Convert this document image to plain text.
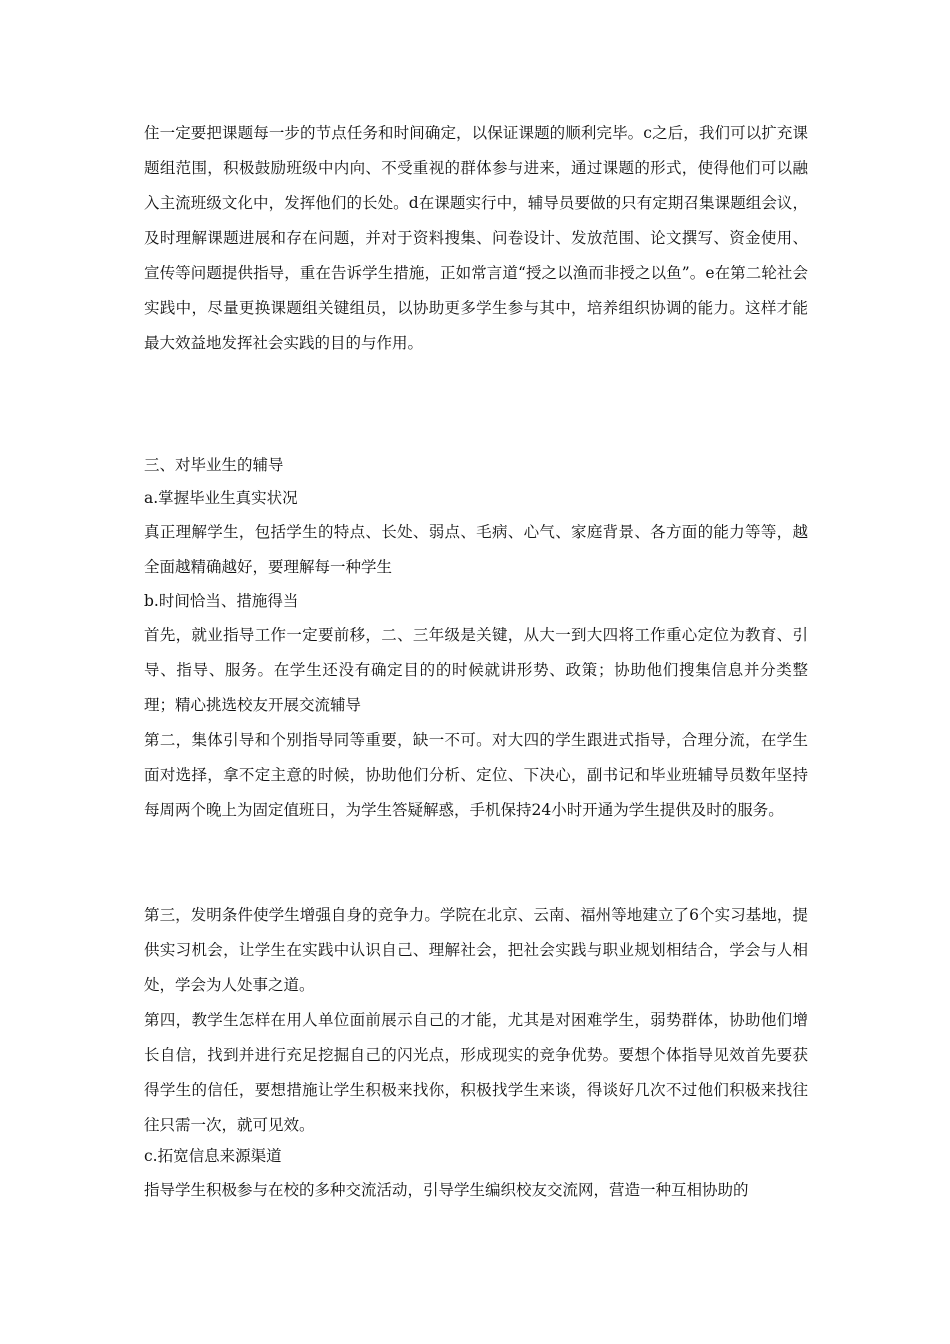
住一定要把课题每一步的节点任务和时间确定，以保证课题的顺利完毕。c之后，我们可以扩充课题组范围，积极鼓励班级中内向、不受重视的群体参与进来，通过课题的形式，使得他们可以融入主流班级文化中，发挥他们的长处。d在课题实行中，辅导员要做的只有定期召集课题组会议，及时理解课题进展和存在问题，并对于资料搜集、问卷设计、发放范围、论文撰写、资金使用、宣传等问题提供指导，重在告诉学生措施，正如常言道“授之以渔而非授之以鱼”。e在第二轮社会实践中，尽量更换课题组关键组员，以协助更多学生参与其中，培养组织协调的能力。这样才能最大效益地发挥社会实践的目的与作用。
三、对毕业生的辅导
a.掌握毕业生真实状况
真正理解学生，包括学生的特点、长处、弱点、毛病、心气、家庭背景、各方面的能力等等，越全面越精确越好，要理解每一种学生
b.时间恰当、措施得当
首先，就业指导工作一定要前移，二、三年级是关键，从大一到大四将工作重心定位为教育、引导、指导、服务。在学生还没有确定目的的时候就讲形势、政策；协助他们搜集信息并分类整理；精心挑选校友开展交流辅导
第二，集体引导和个别指导同等重要，缺一不可。对大四的学生跟进式指导，合理分流，在学生面对选择，拿不定主意的时候，协助他们分析、定位、下决心，副书记和毕业班辅导员数年坚持每周两个晚上为固定值班日，为学生答疑解惑，手机保持24小时开通为学生提供及时的服务。
第三，发明条件使学生增强自身的竞争力。学院在北京、云南、福州等地建立了6个实习基地，提供实习机会，让学生在实践中认识自己、理解社会，把社会实践与职业规划相结合，学会与人相处，学会为人处事之道。
第四，教学生怎样在用人单位面前展示自己的才能，尤其是对困难学生，弱势群体，协助他们增长自信，找到并进行充足挖掘自己的闪光点，形成现实的竞争优势。要想个体指导见效首先要获得学生的信任，要想措施让学生积极来找你，积极找学生来谈，得谈好几次不过他们积极来找往往只需一次，就可见效。
c.拓宽信息来源渠道
指导学生积极参与在校的多种交流活动，引导学生编织校友交流网，营造一种互相协助的
